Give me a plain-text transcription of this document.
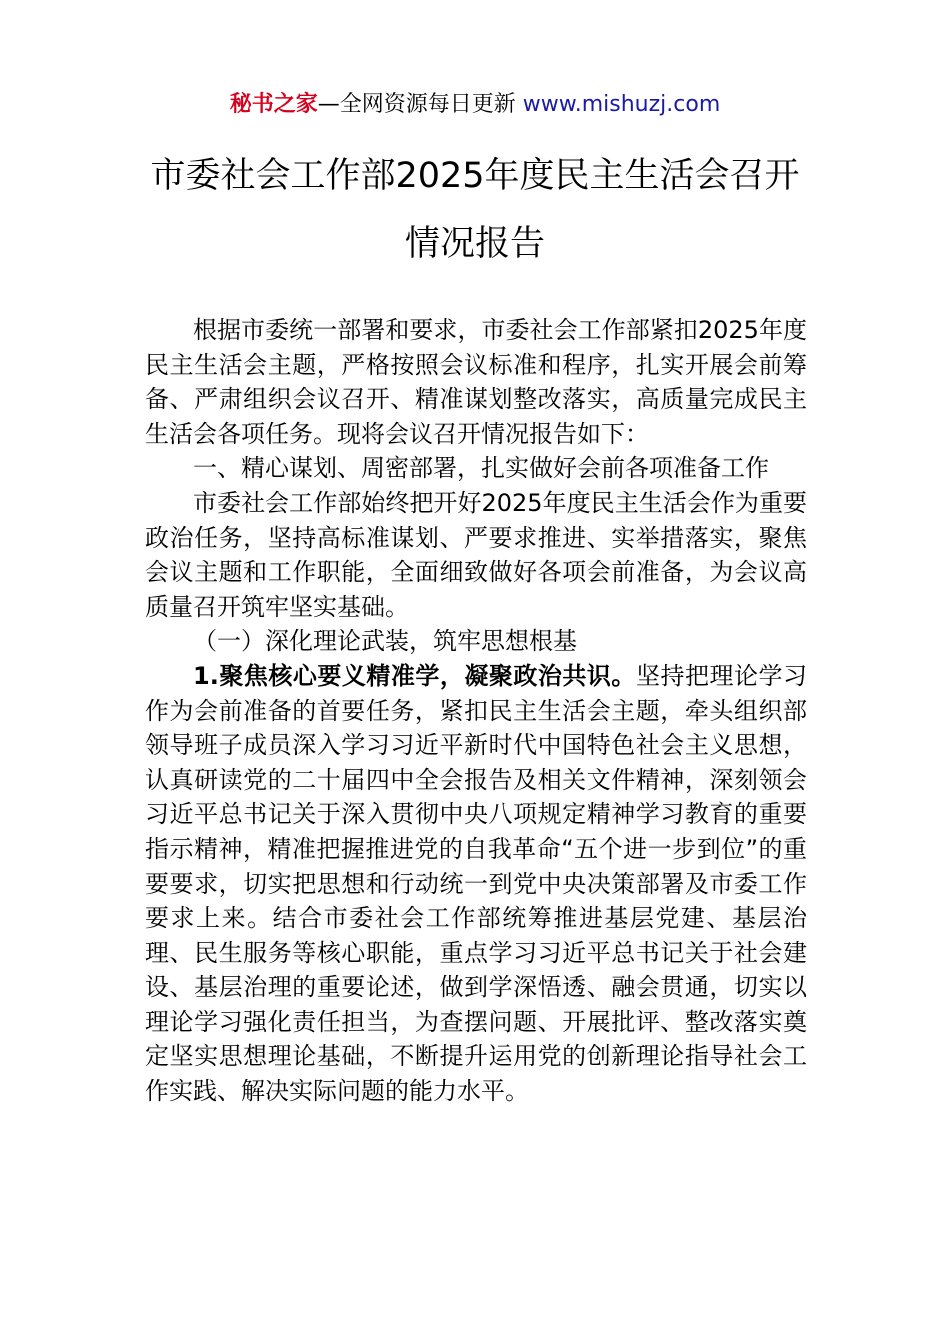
秘书之家—全网资源每日更新 www.mishuzj.com
市委社会工作部2025年度民主生活会召开
情况报告

根据市委统一部署和要求，市委社会工作部紧扣2025年度民主生活会主题，严格按照会议标准和程序，扎实开展会前筹备、严肃组织会议召开、精准谋划整改落实，高质量完成民主生活会各项任务。现将会议召开情况报告如下：

一、精心谋划、周密部署，扎实做好会前各项准备工作

市委社会工作部始终把开好2025年度民主生活会作为重要政治任务，坚持高标准谋划、严要求推进、实举措落实，聚焦会议主题和工作职能，全面细致做好各项会前准备，为会议高质量召开筑牢坚实基础。

（一）深化理论武装，筑牢思想根基

1.聚焦核心要义精准学，凝聚政治共识。坚持把理论学习作为会前准备的首要任务，紧扣民主生活会主题，牵头组织部领导班子成员深入学习习近平新时代中国特色社会主义思想，认真研读党的二十届四中全会报告及相关文件精神，深刻领会习近平总书记关于深入贯彻中央八项规定精神学习教育的重要指示精神，精准把握推进党的自我革命“五个进一步到位”的重要要求，切实把思想和行动统一到党中央决策部署及市委工作要求上来。结合市委社会工作部统筹推进基层党建、基层治理、民生服务等核心职能，重点学习习近平总书记关于社会建设、基层治理的重要论述，做到学深悟透、融会贯通，切实以理论学习强化责任担当，为查摆问题、开展批评、整改落实奠定坚实思想理论基础，不断提升运用党的创新理论指导社会工作实践、解决实际问题的能力水平。
